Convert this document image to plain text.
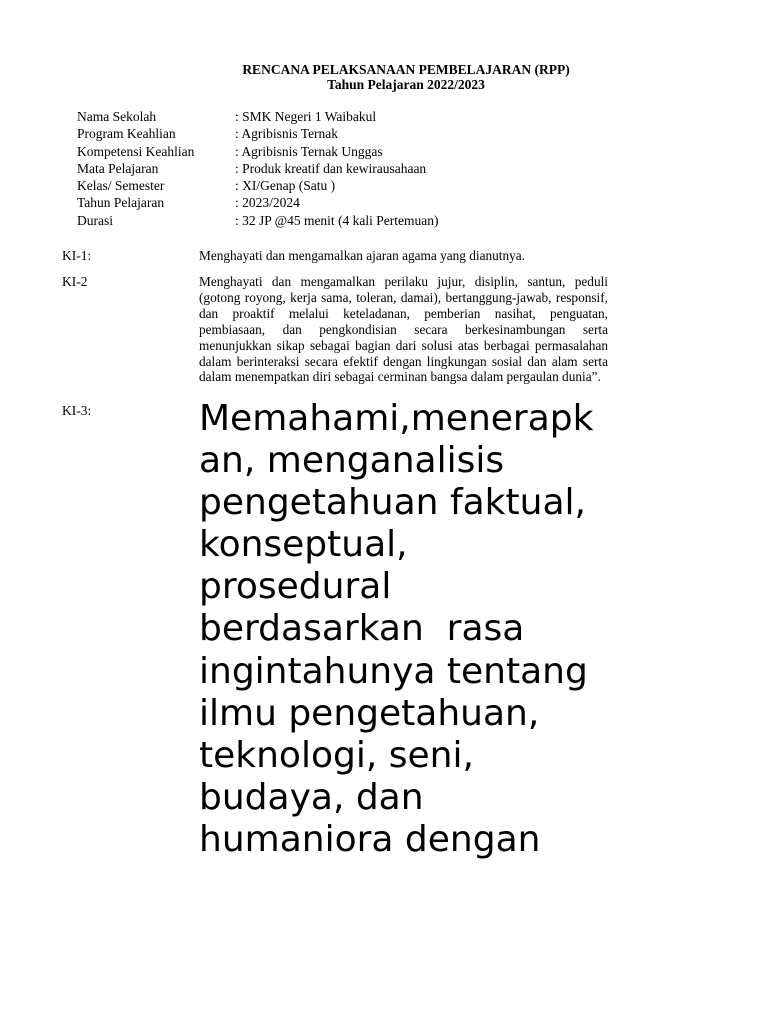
RENCANA PELAKSANAAN PEMBELAJARAN (RPP)
Tahun Pelajaran 2022/2023
Nama Sekolah	: SMK Negeri 1 Waibakul
Program Keahlian	: Agribisnis Ternak
Kompetensi Keahlian	: Agribisnis Ternak Unggas
Mata Pelajaran	: Produk kreatif dan kewirausahaan
Kelas/ Semester	: XI/Genap (Satu )
Tahun Pelajaran	: 2023/2024
Durasi	: 32 JP @45 menit (4 kali Pertemuan)
KI-1:	Menghayati dan mengamalkan ajaran agama yang dianutnya.
KI-2	Menghayati dan mengamalkan perilaku jujur, disiplin, santun, peduli (gotong royong, kerja sama, toleran, damai), bertanggung-jawab, responsif, dan proaktif melalui keteladanan, pemberian nasihat, penguatan, pembiasaan, dan pengkondisian secara berkesinambungan serta menunjukkan sikap sebagai bagian dari solusi atas berbagai permasalahan dalam berinteraksi secara efektif dengan lingkungan sosial dan alam serta dalam menempatkan diri sebagai cerminan bangsa dalam pergaulan dunia”.
KI-3:	Memahami,menerapkan, menganalisis pengetahuan faktual, konseptual, prosedural berdasarkan  rasa ingintahunya tentang  ilmu pengetahuan, teknologi, seni, budaya, dan humaniora dengan
